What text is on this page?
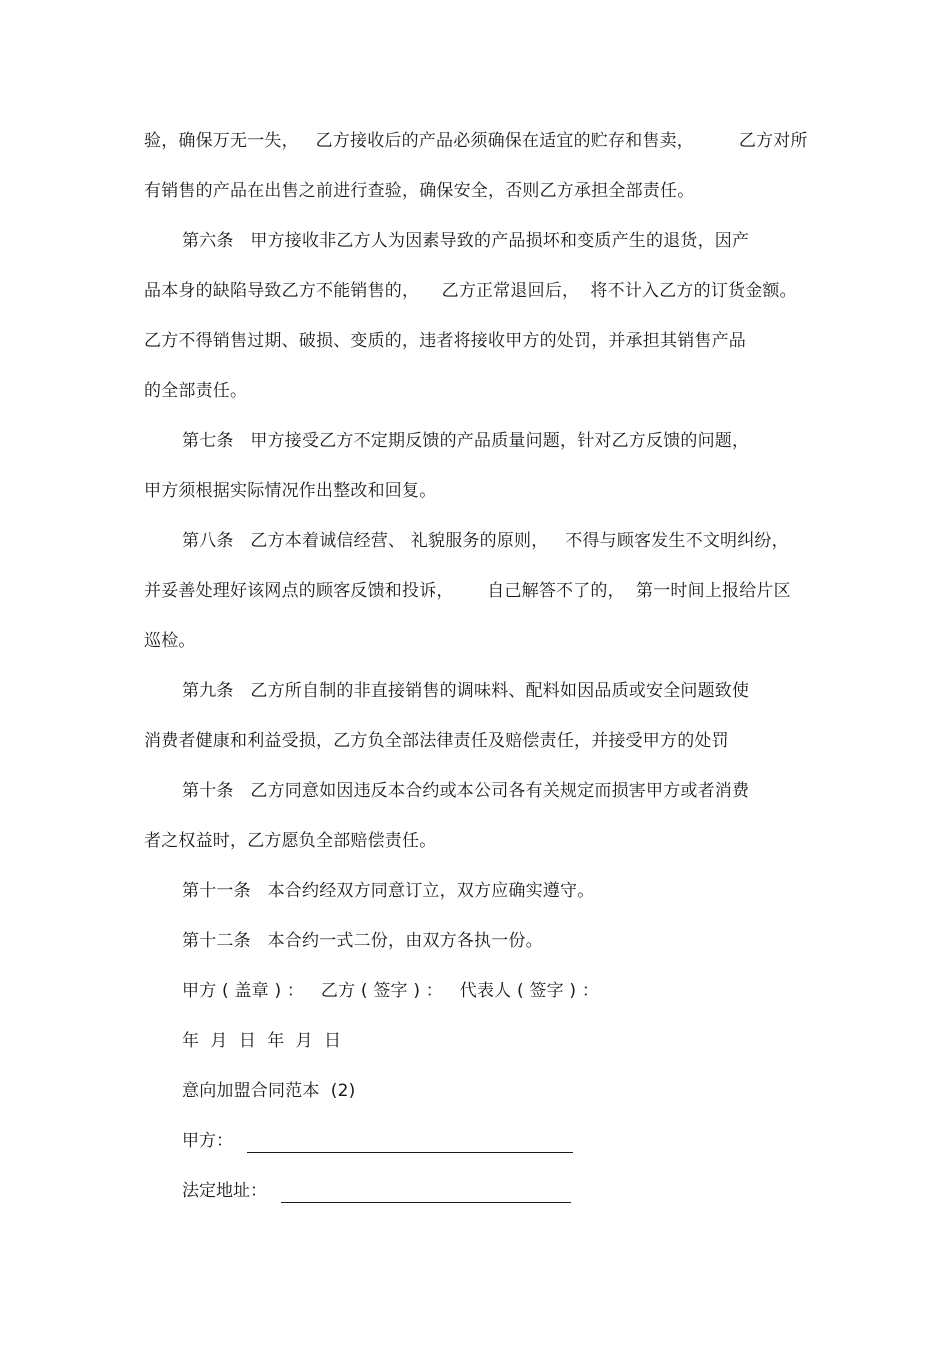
验，确保万无一失，   乙方接收后的产品必须确保在适宜的贮存和售卖，        乙方对所
有销售的产品在出售之前进行查验，确保安全，否则乙方承担全部责任。
第六条   甲方接收非乙方人为因素导致的产品损坏和变质产生的退货，因产
品本身的缺陷导致乙方不能销售的，    乙方正常退回后，  将不计入乙方的订货金额。
乙方不得销售过期、破损、变质的，违者将接收甲方的处罚，并承担其销售产品
的全部责任。
第七条   甲方接受乙方不定期反馈的产品质量问题，针对乙方反馈的问题，
甲方须根据实际情况作出整改和回复。
第八条   乙方本着诚信经营、 礼貌服务的原则，   不得与顾客发生不文明纠纷，
并妥善处理好该网点的顾客反馈和投诉，      自己解答不了的，  第一时间上报给片区
巡检。
第九条   乙方所自制的非直接销售的调味料、配料如因品质或安全问题致使
消费者健康和利益受损，乙方负全部法律责任及赔偿责任，并接受甲方的处罚
第十条   乙方同意如因违反本合约或本公司各有关规定而损害甲方或者消费
者之权益时，乙方愿负全部赔偿责任。
第十一条   本合约经双方同意订立，双方应确实遵守。
第十二条   本合约一式二份，由双方各执一份。
甲方 ( 盖章 ) ：   乙方 ( 签字 ) ：   代表人 ( 签字 ) ：
年  月  日  年  月  日
意向加盟合同范本  (2)
甲方：
法定地址：
